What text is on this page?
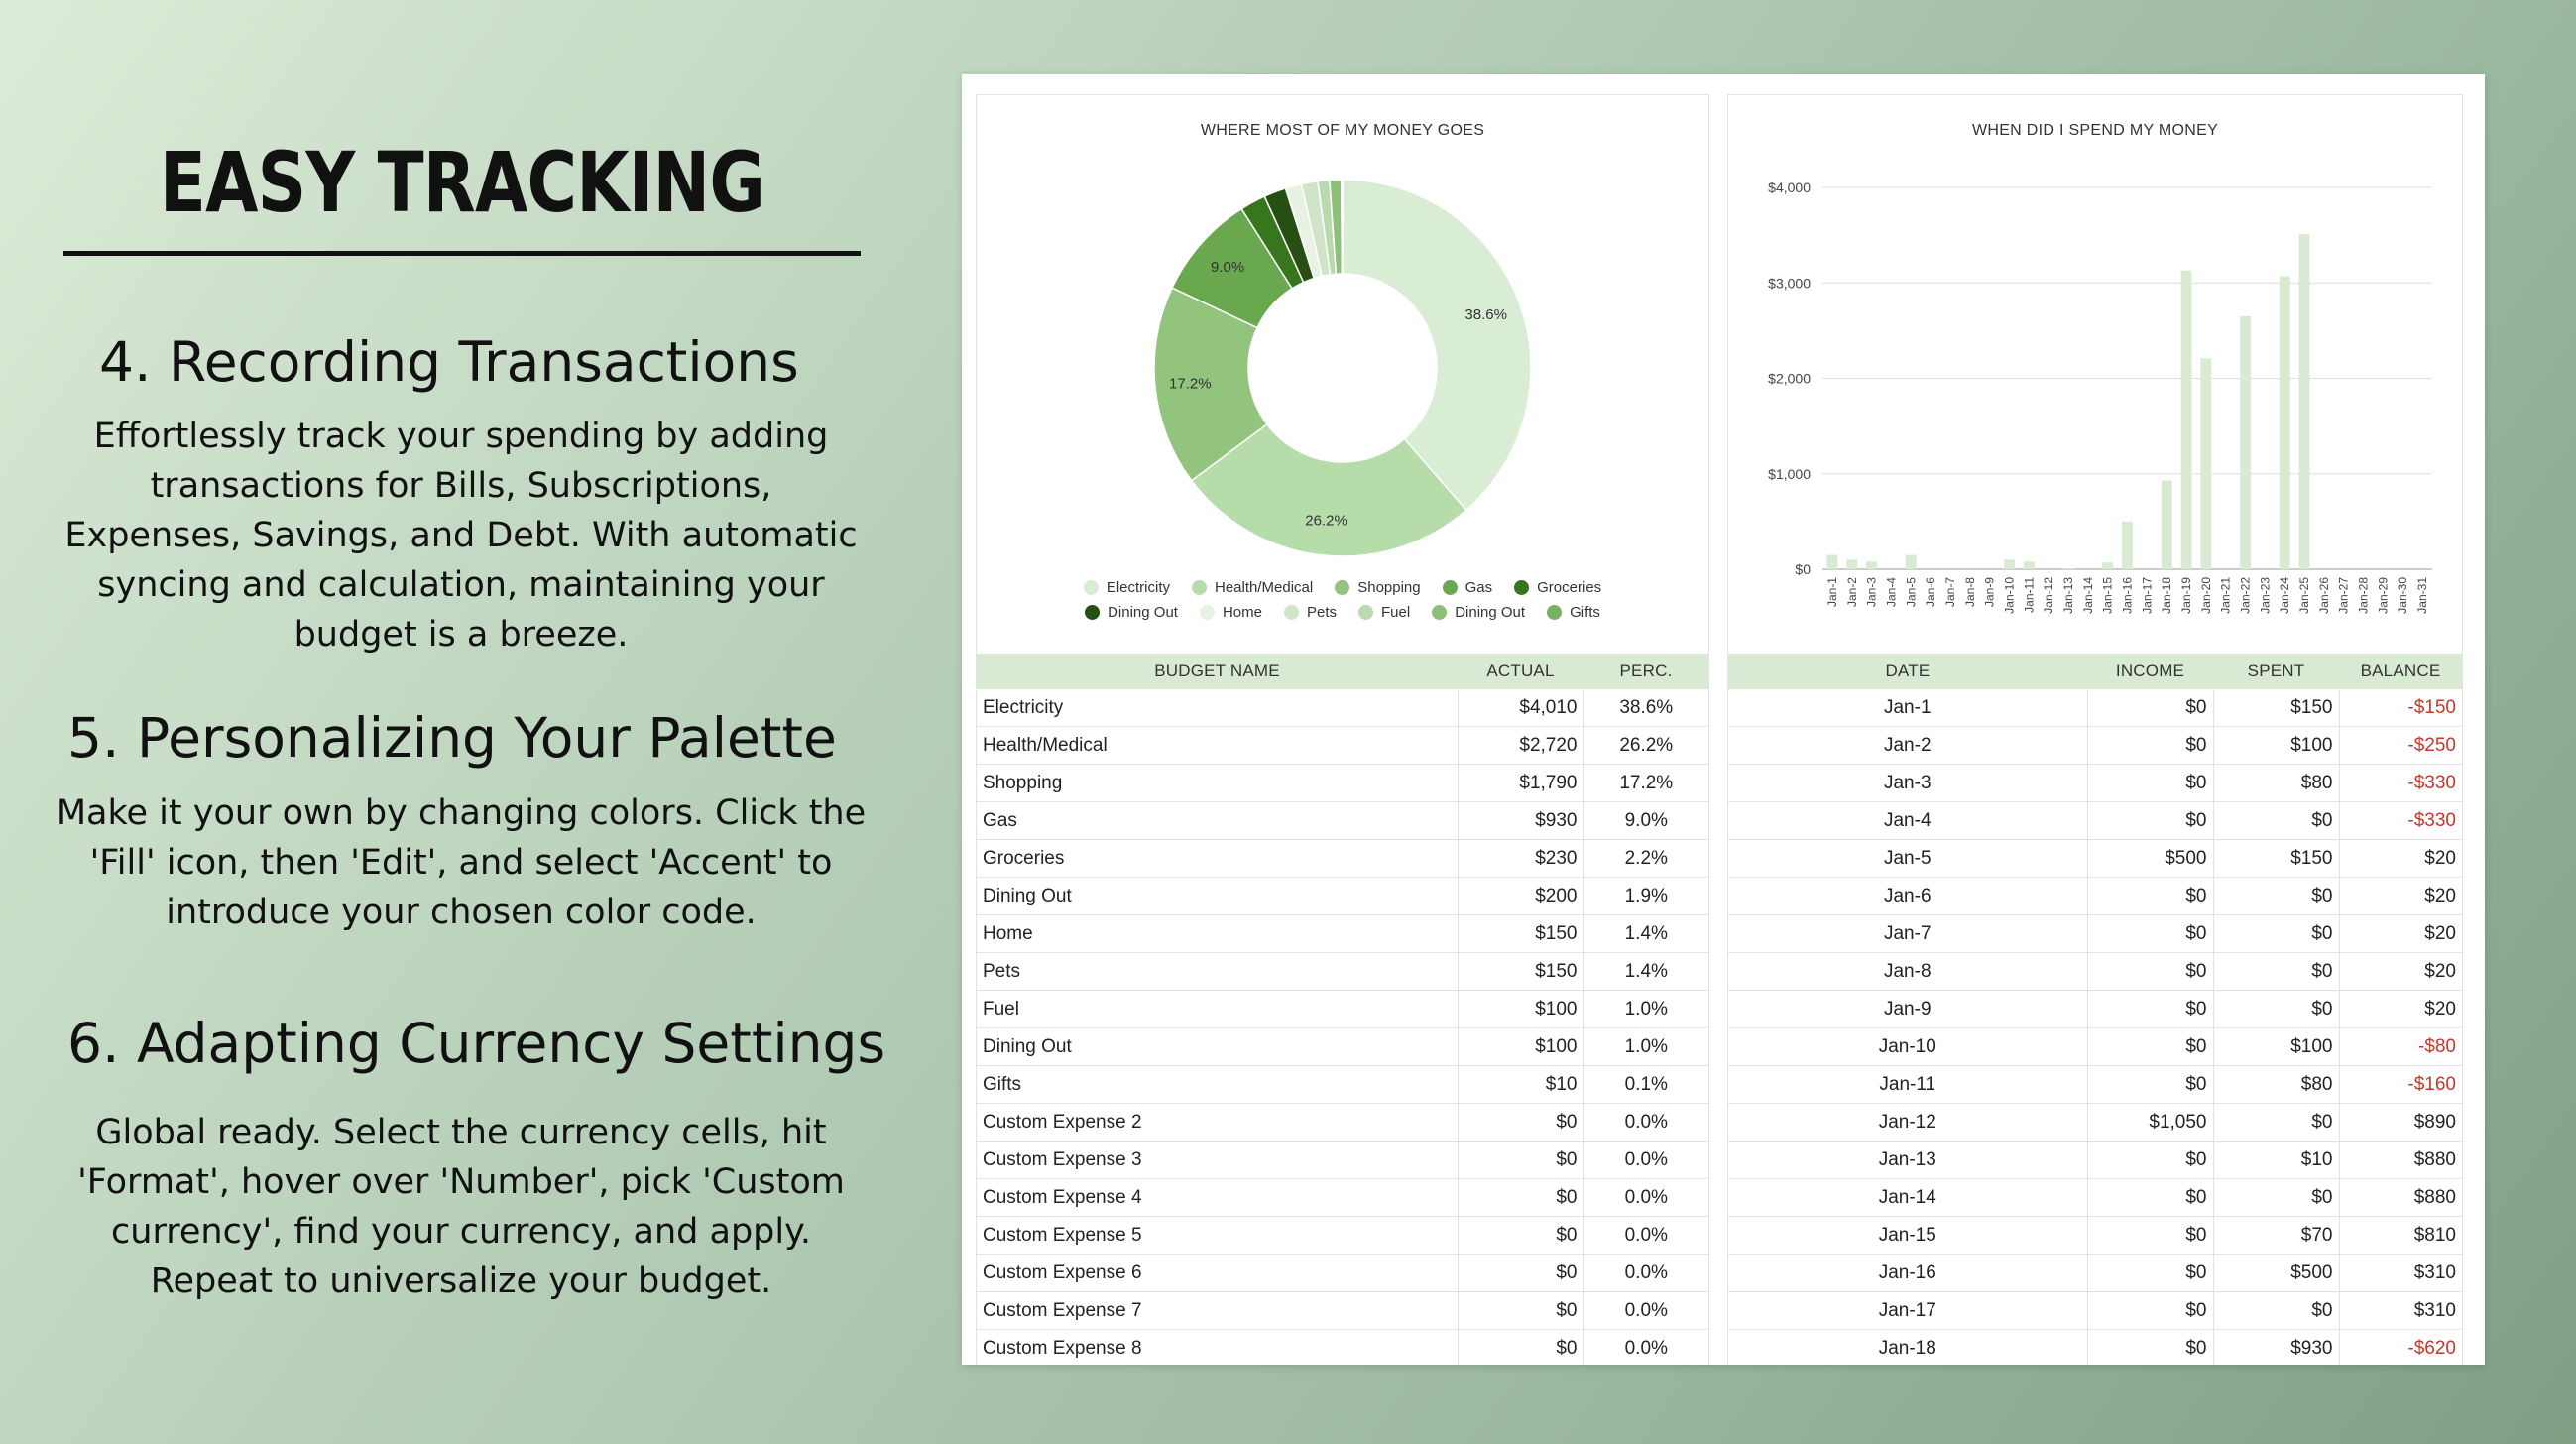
EASY TRACKING
4. Recording Transactions
Effortlessly track your spending by adding transactions for Bills, Subscriptions, Expenses, Savings, and Debt. With automatic syncing and calculation, maintaining your budget is a breeze.
5. Personalizing Your Palette
Make it your own by changing colors. Click the 'Fill' icon, then 'Edit', and select 'Accent' to introduce your chosen color code.
6. Adapting Currency Settings
Global ready. Select the currency cells, hit 'Format', hover over 'Number', pick 'Custom currency', find your currency, and apply. Repeat to universalize your budget.
WHERE MOST OF MY MONEY GOES
38.6%
26.2%
17.2%
9.0%
Electricity	Health/Medical	Shopping	Gas	Groceries
Dining Out	Home	Pets	Fuel	Dining Out	Gifts
BUDGET NAME	ACTUAL	PERC.
Electricity	$4,010	38.6%
Health/Medical	$2,720	26.2%
Shopping	$1,790	17.2%
Gas	$930	9.0%
Groceries	$230	2.2%
Dining Out	$200	1.9%
Home	$150	1.4%
Pets	$150	1.4%
Fuel	$100	1.0%
Dining Out	$100	1.0%
Gifts	$10	0.1%
Custom Expense 2	$0	0.0%
Custom Expense 3	$0	0.0%
Custom Expense 4	$0	0.0%
Custom Expense 5	$0	0.0%
Custom Expense 6	$0	0.0%
Custom Expense 7	$0	0.0%
Custom Expense 8	$0	0.0%
WHEN DID I SPEND MY MONEY
$0
$1,000
$2,000
$3,000
$4,000
Jan-1 Jan-2 Jan-3 Jan-4 Jan-5 Jan-6 Jan-7 Jan-8 Jan-9 Jan-10 Jan-11 Jan-12 Jan-13 Jan-14 Jan-15 Jan-16 Jan-17 Jan-18 Jan-19 Jan-20 Jan-21 Jan-22 Jan-23 Jan-24 Jan-25 Jan-26 Jan-27 Jan-28 Jan-29 Jan-30 Jan-31
DATE	INCOME	SPENT	BALANCE
Jan-1	$0	$150	-$150
Jan-2	$0	$100	-$250
Jan-3	$0	$80	-$330
Jan-4	$0	$0	-$330
Jan-5	$500	$150	$20
Jan-6	$0	$0	$20
Jan-7	$0	$0	$20
Jan-8	$0	$0	$20
Jan-9	$0	$0	$20
Jan-10	$0	$100	-$80
Jan-11	$0	$80	-$160
Jan-12	$1,050	$0	$890
Jan-13	$0	$10	$880
Jan-14	$0	$0	$880
Jan-15	$0	$70	$810
Jan-16	$0	$500	$310
Jan-17	$0	$0	$310
Jan-18	$0	$930	-$620
